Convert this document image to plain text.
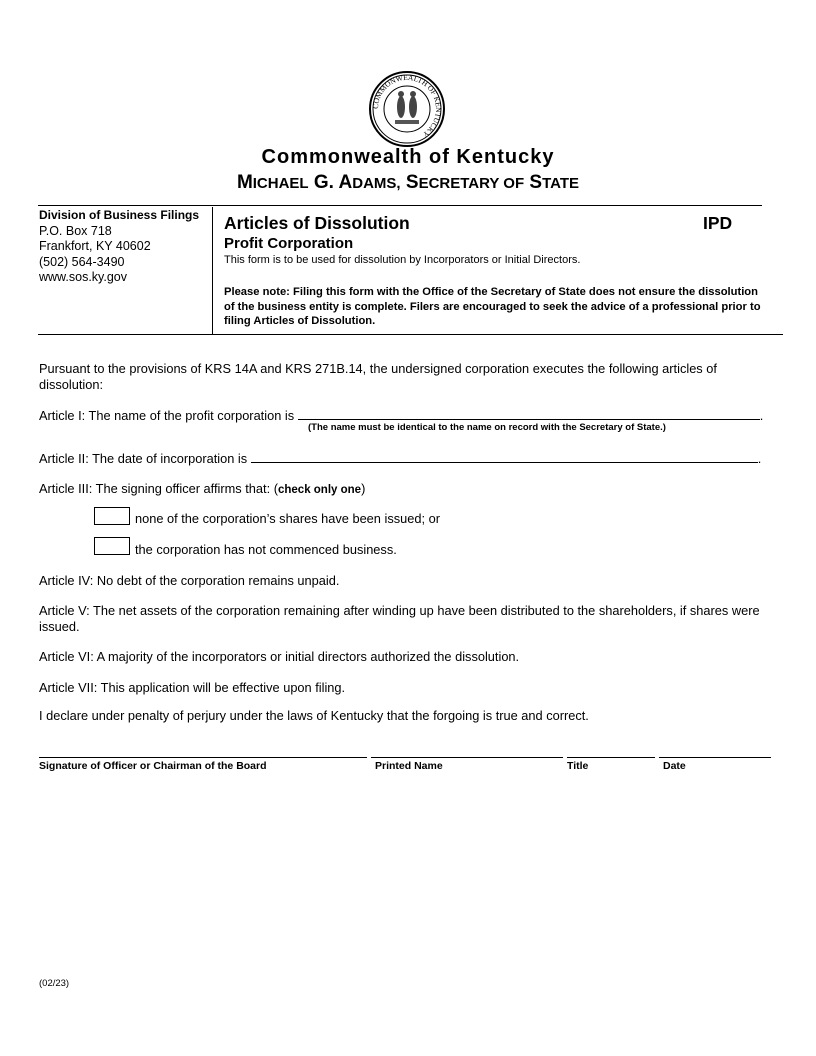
COMMONWEALTH OF KENTUCKY
Commonwealth of Kentucky
MICHAEL G. ADAMS, SECRETARY OF STATE
Division of Business Filings
P.O. Box 718
Frankfort, KY 40602
(502) 564-3490
www.sos.ky.gov
Articles of Dissolution	IPD
Profit Corporation
This form is to be used for dissolution by Incorporators or Initial Directors.
Please note: Filing this form with the Office of the Secretary of State does not ensure the dissolution of the business entity is complete. Filers are encouraged to seek the advice of a professional prior to filing Articles of Dissolution.
Pursuant to the provisions of KRS 14A and KRS 271B.14, the undersigned corporation executes the following articles of dissolution:
Article I: The name of the profit corporation is	.
(The name must be identical to the name on record with the Secretary of State.)
Article II: The date of incorporation is	.
Article III: The signing officer affirms that: (check only one)
none of the corporation’s shares have been issued; or
the corporation has not commenced business.
Article IV: No debt of the corporation remains unpaid.
Article V: The net assets of the corporation remaining after winding up have been distributed to the shareholders, if shares were issued.
Article VI: A majority of the incorporators or initial directors authorized the dissolution.
Article VII: This application will be effective upon filing.
I declare under penalty of perjury under the laws of Kentucky that the forgoing is true and correct.
Signature of Officer or Chairman of the Board	Printed Name	Title	Date
(02/23)
